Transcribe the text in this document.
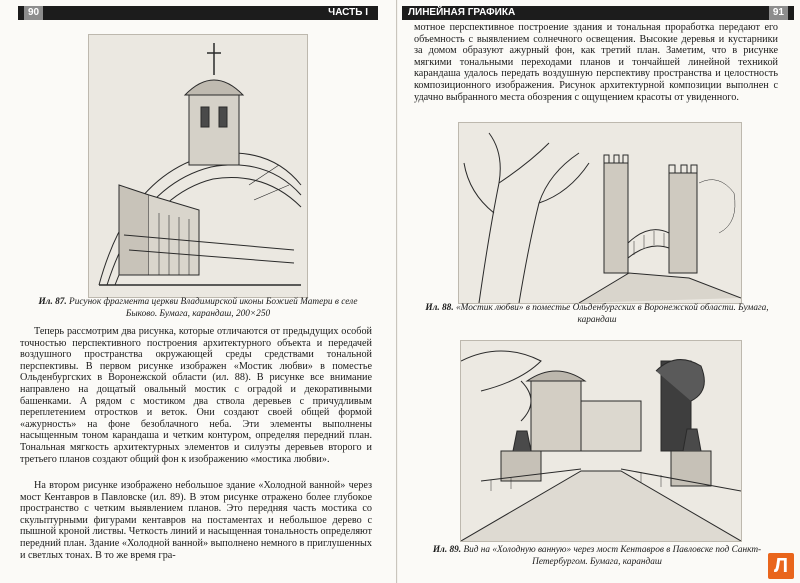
90	ЧАСТЬ I
Ил. 87. Рисунок фрагмента церкви Владимирской иконы Божией Матери в селе Быково. Бумага, карандаш, 200×250

Теперь рассмотрим два рисунка, которые отличаются от предыдущих особой точностью перспективного построения архитектурного объекта и передачей воздушного пространства окружающей среды средствами тональной перспективы. В первом рисунке изображен «Мостик любви» в поместье Ольденбургских в Воронежской области (ил. 88). В рисунке все внимание направлено на дощатый овальный мостик с оградой и декоративными башенками. А рядом с мостиком два ствола деревьев с причудливым переплетением отростков и веток. Они создают своей общей формой «ажурность» на фоне безоблачного неба. Эти элементы выполнены насыщенным тоном карандаша и четким контуром, определяя передний план. Тональная мягкость архитектурных элементов и силуэты деревьев второго и третьего планов создают общий фон к изображению «мостика любви».

На втором рисунке изображено небольшое здание «Холодной ванной» через мост Кентавров в Павловске (ил. 89). В этом рисунке отражено более глубокое пространство с четким выявлением планов. Это передняя часть мостика со скульптурными фигурами кентавров на постаментах и небольшое дерево с пышной кроной листвы. Четкость линий и насыщенная тональность определяют передний план. Здание «Холодной ванной» выполнено немного в приглушенных и светлых тонах. В то же время гра-

ЛИНЕЙНАЯ ГРАФИКА	91

мотное перспективное построение здания и тональная проработка передают его объемность с выявлением солнечного освещения. Высокие деревья и кустарники за домом образуют ажурный фон, как третий план. Заметим, что в рисунке мягкими тональными переходами планов и тончайшей линейной техникой карандаша удалось передать воздушную перспективу пространства и целостность композиционного изображения. Рисунок архитектурной композиции выполнен с удачно выбранного места обозрения с ощущением красоты от увиденного.

Ил. 88. «Мостик любви» в поместье Ольденбургских в Воронежской области. Бумага, карандаш
Ил. 89. Вид на «Холодную ванную» через мост Кентавров в Павловске под Санкт-Петербургом. Бумага, карандаш	Л
